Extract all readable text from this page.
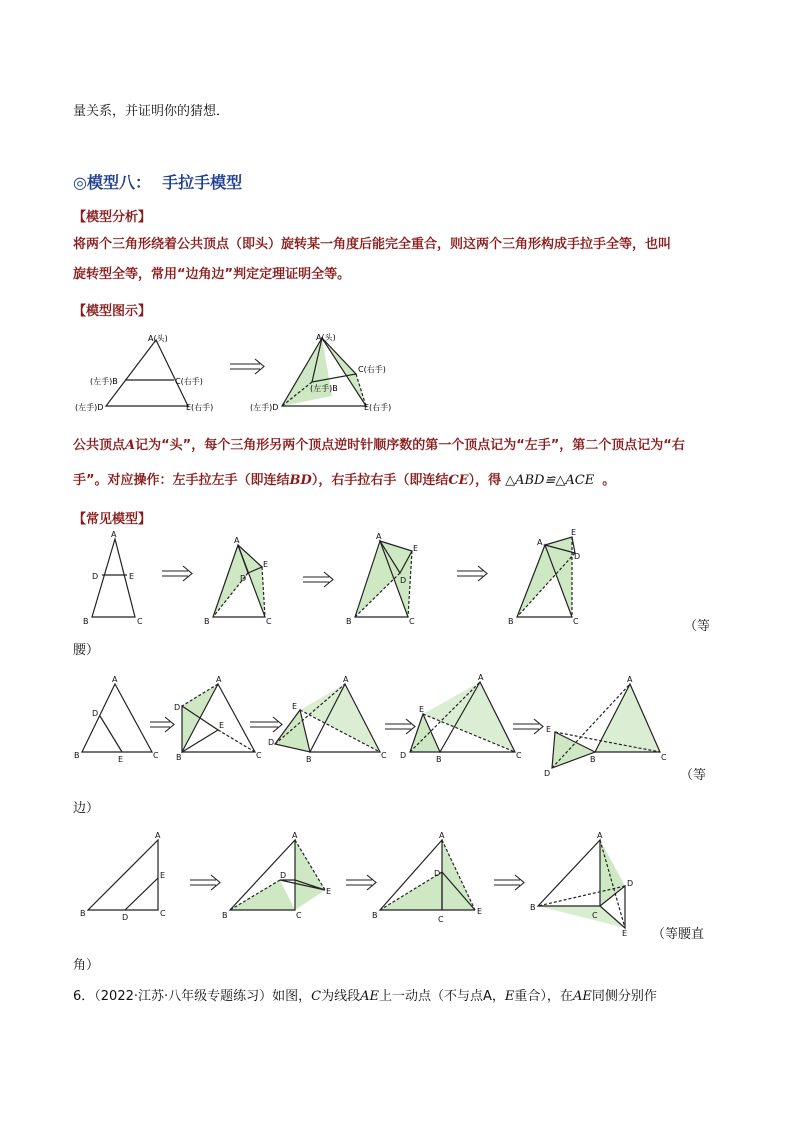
量关系，并证明你的猜想．
◎模型八： 手拉手模型
【模型分析】
将两个三角形绕着公共顶点（即头）旋转某一角度后能完全重合，则这两个三角形构成手拉手全等，也叫
旋转型全等，常用“边角边”判定定理证明全等。
【模型图示】
A(头)
(左手)B	C(右手)
(左手)D	E(右手)
A(头)
(左手)B
C(右手)
(左手)D	E(右手)
公共顶点A记为“头”，每个三角形另两个顶点逆时针顺序数的第一个顶点记为“左手”，第二个顶点记为“右
手”。对应操作：左手拉左手（即连结BD），右手拉右手（即连结CE），得 △ABD≌△ACE 。
【常见模型】
A
D	E
B	C
A
D
E
B	C
A
D
E
B	C
A
D
E
B	C	（等
腰）
A
D
E
B	C
A
D
E
B	C
A
E
D
B	C
A
E
D	B	C
A
E
D
B	C
（等
边）
A
E
D
B	C
A
D
E
B	C
A
D
E
B	C
A
D
E
B
C
（等腰直
角）
6．（2022·江苏·八年级专题练习）如图，C为线段AE上一动点（不与点A，E重合），在AE同侧分别作
